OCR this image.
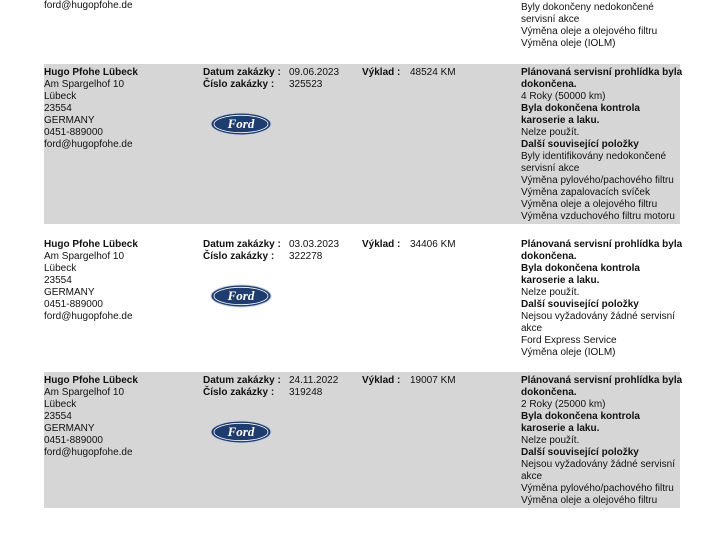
ford@hugopfohe.de	Byly dokončeny nedokončené
servisní akce
Výměna oleje a olejového filtru
Výměna oleje (IOLM)
Hugo Pfohe Lübeck
Am Spargelhof 10
Lübeck
23554
GERMANY
0451-889000
ford@hugopfohe.de
Datum zakázky : 09.06.2023
Číslo zakázky : 325523
Ford
Výklad : 48524 KM	Plánovaná servisní prohlídka byla
dokončena.
4 Roky (50000 km)
Byla dokončena kontrola
karoserie a laku.
Nelze použít.
Další související položky
Byly identifikovány nedokončené
servisní akce
Výměna pylového/pachového filtru
Výměna zapalovacích svíček
Výměna oleje a olejového filtru
Výměna vzduchového filtru motoru
Hugo Pfohe Lübeck
Am Spargelhof 10
Lübeck
23554
GERMANY
0451-889000
ford@hugopfohe.de
Datum zakázky : 03.03.2023
Číslo zakázky : 322278
Ford
Výklad : 34406 KM	Plánovaná servisní prohlídka byla
dokončena.
Byla dokončena kontrola
karoserie a laku.
Nelze použít.
Další související položky
Nejsou vyžadovány žádné servisní
akce
Ford Express Service
Výměna oleje (IOLM)
Hugo Pfohe Lübeck
Am Spargelhof 10
Lübeck
23554
GERMANY
0451-889000
ford@hugopfohe.de
Datum zakázky : 24.11.2022
Číslo zakázky : 319248
Ford
Výklad : 19007 KM	Plánovaná servisní prohlídka byla
dokončena.
2 Roky (25000 km)
Byla dokončena kontrola
karoserie a laku.
Nelze použít.
Další související položky
Nejsou vyžadovány žádné servisní
akce
Výměna pylového/pachového filtru
Výměna oleje a olejového filtru
